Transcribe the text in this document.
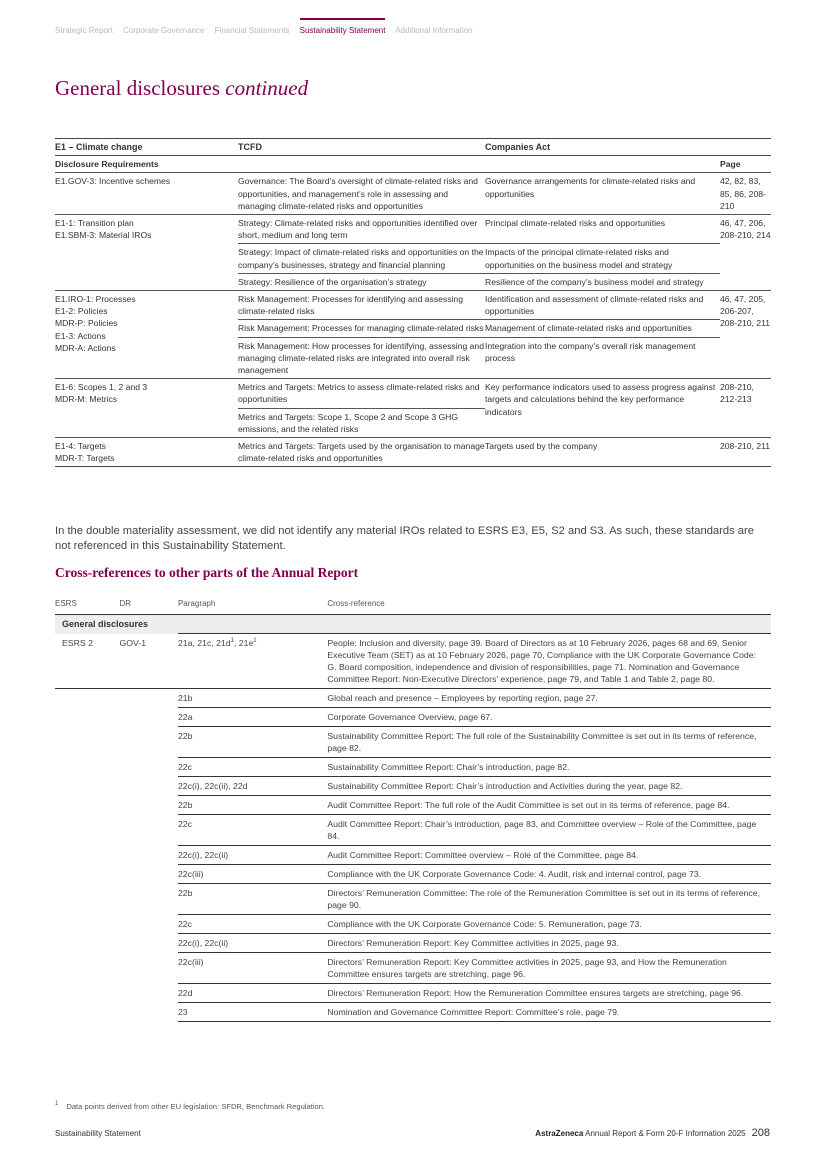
Strategic Report Corporate Governance Financial Statements Sustainability Statement Additional Information
General disclosures continued
E1 – Climate change	TCFD	Companies Act	
Disclosure Requirements			Page

E1.GOV-3: Incentive schemes	Governance: The Board’s oversight of climate-related risks and opportunities, and management’s role in assessing and managing climate-related risks and opportunities	Governance arrangements for climate-related risks and opportunities	42, 82, 83, 85, 86, 208-210

E1-1: Transition plan
E1.SBM-3: Material IROs	Strategy: Climate-related risks and opportunities identified over short, medium and long term	Principal climate-related risks and opportunities	46, 47, 206, 208-210, 214
	Strategy: Impact of climate-related risks and opportunities on the company’s businesses, strategy and financial planning	Impacts of the principal climate-related risks and opportunities on the business model and strategy	
	Strategy: Resilience of the organisation’s strategy	Resilience of the company’s business model and strategy	

E1.IRO-1: Processes
E1-2: Policies
MDR-P: Policies
E1-3: Actions
MDR-A: Actions	Risk Management: Processes for identifying and assessing climate-related risks	Identification and assessment of climate-related risks and opportunities	46, 47, 205, 206-207, 208-210, 211
	Risk Management: Processes for managing climate-related risks	Management of climate-related risks and opportunities	
	Risk Management: How processes for identifying, assessing and managing climate-related risks are integrated into overall risk management	Integration into the company’s overall risk management process	

E1-6: Scopes 1, 2 and 3
MDR-M: Metrics	Metrics and Targets: Metrics to assess climate-related risks and opportunities	Key performance indicators used to assess progress against targets and calculations behind the key performance indicators	208-210, 212-213
	Metrics and Targets: Scope 1, Scope 2 and Scope 3 GHG emissions, and the related risks		

E1-4: Targets
MDR-T: Targets	Metrics and Targets: Targets used by the organisation to manage climate-related risks and opportunities	Targets used by the company	208-210, 211
In the double materiality assessment, we did not identify any material IROs related to ESRS E3, E5, S2 and S3. As such, these standards are not referenced in this Sustainability Statement.
Cross-references to other parts of the Annual Report
ESRS	DR	Paragraph	Cross-reference
General disclosures			
ESRS 2	GOV-1	21a, 21c, $21d^1$, $21e^1$	People: Inclusion and diversity, page 39. Board of Directors as at 10 February 2026, pages 68 and 69, Senior Executive Team (SET) as at 10 February 2026, page 70, Compliance with the UK Corporate Governance Code: G. Board composition, independence and division of responsibilities, page 71. Nomination and Governance Committee Report: Non-Executive Directors’ experience, page 79, and Table 1 and Table 2, page 80.
		21b	Global reach and presence – Employees by reporting region, page 27.
		22a	Corporate Governance Overview, page 67.
		22b	Sustainability Committee Report: The full role of the Sustainability Committee is set out in its terms of reference, page 82.
		22c	Sustainability Committee Report: Chair’s introduction, page 82.
		22c(i), 22c(ii), 22d	Sustainability Committee Report: Chair’s introduction and Activities during the year, page 82.
		22b	Audit Committee Report: The full role of the Audit Committee is set out in its terms of reference, page 84.
		22c	Audit Committee Report: Chair’s introduction, page 83, and Committee overview – Role of the Committee, page 84.
		22c(i), 22c(ii)	Audit Committee Report: Committee overview – Role of the Committee, page 84.
		22c(iii)	Compliance with the UK Corporate Governance Code: 4. Audit, risk and internal control, page 73.
		22b	Directors’ Remuneration Committee: The role of the Remuneration Committee is set out in its terms of reference, page 90.
		22c	Compliance with the UK Corporate Governance Code: 5. Remuneration, page 73.
		22c(i), 22c(ii)	Directors’ Remuneration Report: Key Committee activities in 2025, page 93.
		22c(iii)	Directors’ Remuneration Report: Key Committee activities in 2025, page 93, and How the Remuneration Committee ensures targets are stretching, page 96.
		22d	Directors’ Remuneration Report: How the Remuneration Committee ensures targets are stretching, page 96.
		23	Nomination and Governance Committee Report: Committee’s role, page 79.
$^1$ Data points derived from other EU legislation: SFDR, Benchmark Regulation.
Sustainability Statement	AstraZeneca Annual Report & Form 20-F Information 2025 208
